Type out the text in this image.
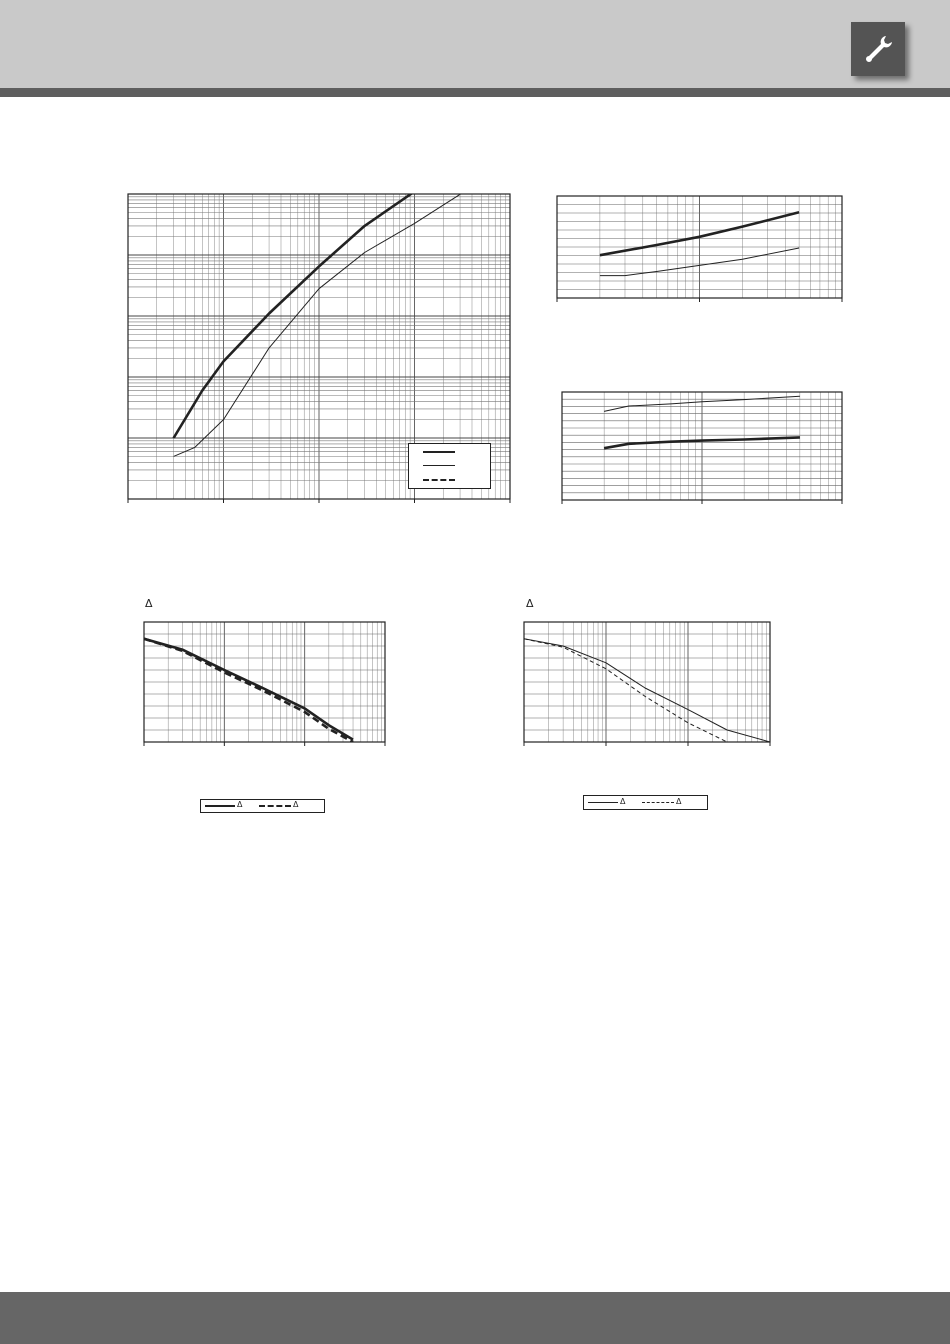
Δ	Δ
Δ	Δ	Δ	Δ
